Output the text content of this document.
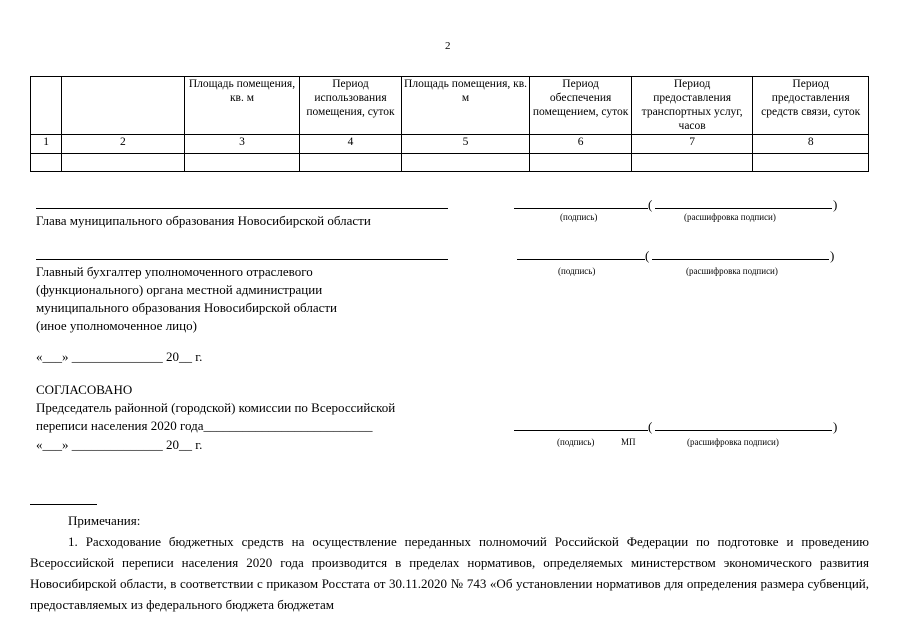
2
		Площадь помещения, кв. м	Период использования помещения, суток	Площадь помещения, кв. м	Период обеспечения помещением, суток	Период предоставления транспортных услуг, часов	Период предоставления средств связи, суток
1	2	3	4	5	6	7	8

Глава муниципального образования Новосибирской области
(	)
(подпись)	(расшифровка подписи)
Главный бухгалтер уполномоченного отраслевого
(функционального) органа местной администрации
муниципального образования Новосибирской области
(иное уполномоченное лицо)
(	)
(подпись)	(расшифровка подписи)
«___» ______________ 20__ г.
СОГЛАСОВАНО
Председатель районной (городской) комиссии по Всероссийской
переписи населения 2020 года__________________________
«___» ______________ 20__ г.
(	)
(подпись)	МП	(расшифровка подписи)

Примечания:

1. Расходование бюджетных средств на осуществление переданных полномочий Российской Федерации по подготовке и проведению Всероссийской переписи населения 2020 года производится в пределах нормативов, определяемых министерством экономического развития Новосибирской области, в соответствии с приказом Росстата от 30.11.2020 № 743 «Об установлении нормативов для определения размера субвенций, предоставляемых из федерального бюджета бюджетам
